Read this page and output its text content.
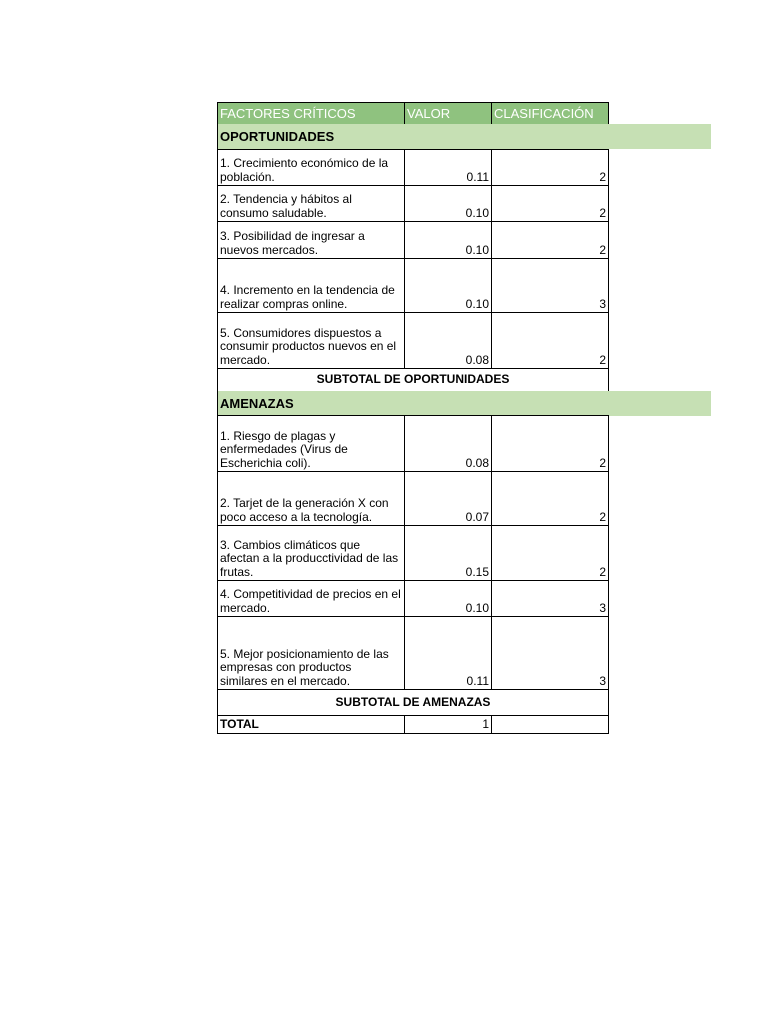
FACTORES CRÍTICOS	VALOR	CLASIFICACIÓN
OPORTUNIDADES
1. Crecimiento económico de la población.	0.11	2
2. Tendencia y hábitos al consumo saludable.	0.10	2
3. Posibilidad de ingresar a nuevos mercados.	0.10	2
4. Incremento en la tendencia de realizar compras online.	0.10	3
5. Consumidores dispuestos a consumir productos nuevos en el mercado.	0.08	2
SUBTOTAL DE OPORTUNIDADES
AMENAZAS
1. Riesgo de plagas y enfermedades (Virus de Escherichia coli).	0.08	2
2. Tarjet de la generación X con poco acceso a la tecnología.	0.07	2
3. Cambios climáticos que afectan a la producctividad de las frutas.	0.15	2
4. Competitividad de precios en el mercado.	0.10	3
5. Mejor posicionamiento de las empresas con productos similares en el mercado.	0.11	3
SUBTOTAL DE AMENAZAS
TOTAL	1
